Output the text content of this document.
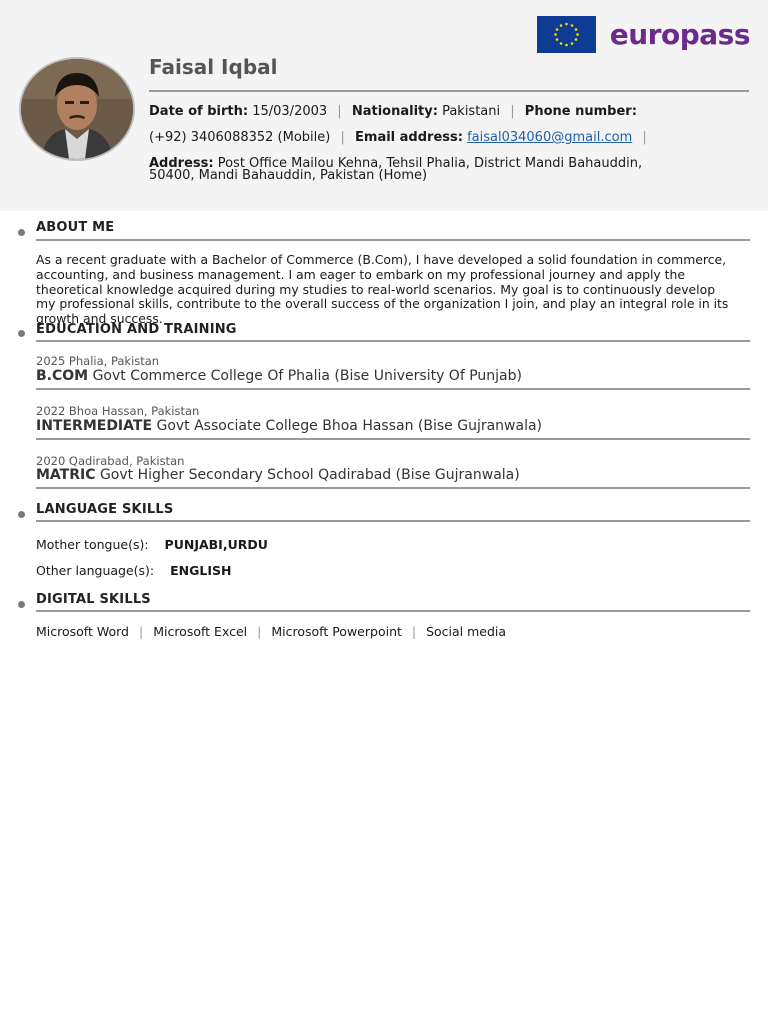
europass
Faisal Iqbal
Date of birth: 15/03/2003 | Nationality: Pakistani | Phone number:
(+92) 3406088352 (Mobile) | Email address: faisal034060@gmail.com |
Address: Post Office Mailou Kehna, Tehsil Phalia, District Mandi Bahauddin,
50400, Mandi Bahauddin, Pakistan (Home)
ABOUT ME
As a recent graduate with a Bachelor of Commerce (B.Com), I have developed a solid foundation in commerce, accounting, and business management. I am eager to embark on my professional journey and apply the theoretical knowledge acquired during my studies to real-world scenarios. My goal is to continuously develop my professional skills, contribute to the overall success of the organization I join, and play an integral role in its growth and success.
EDUCATION AND TRAINING
2025 Phalia, Pakistan
B.COM Govt Commerce College Of Phalia (Bise University Of Punjab)
2022 Bhoa Hassan, Pakistan
INTERMEDIATE Govt Associate College Bhoa Hassan (Bise Gujranwala)
2020 Qadirabad, Pakistan
MATRIC Govt Higher Secondary School Qadirabad (Bise Gujranwala)
LANGUAGE SKILLS
Mother tongue(s): PUNJABI,URDU
Other language(s): ENGLISH
DIGITAL SKILLS
Microsoft Word | Microsoft Excel | Microsoft Powerpoint | Social media
